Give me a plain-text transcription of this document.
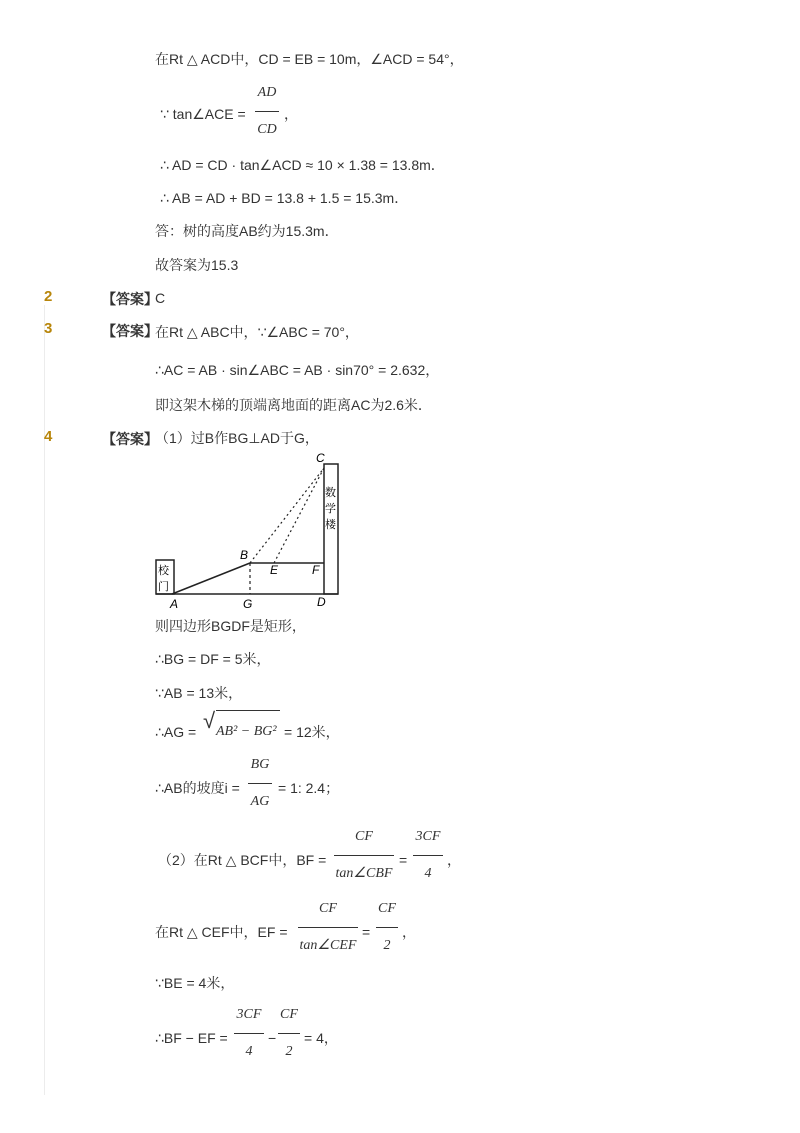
在Rt △ ACD中，CD = EB = 10m，∠ACD = 54°，
∵ tan∠ACE =
AD
CD
，
∴ AD = CD · tan∠ACD ≈ 10 × 1.38 = 13.8m．
∴ AB = AD + BD = 13.8 + 1.5 = 15.3m．
答：树的高度AB约为15.3m．
故答案为15.3
2	【答案】
C
3	【答案】
在Rt △ ABC中，∵∠ABC = 70°，
∴AC = AB · sin∠ABC = AB · sin70° = 2.632，
即这架木梯的顶端离地面的距离AC为2.6米．
4	【答案】
（1）过B作BG⊥AD于G，
校
门
数
学
楼
C
B
E	F
A	G	D
则四边形BGDF是矩形，
∴BG = DF = 5米，
∵AB = 13米，
∴AG = √ AB² − BG² = 12米，
∴AB的坡度i =
BG
AG
= 1: 2.4；
（2）在Rt △ BCF中，BF =
CF
tan∠CBF
=
3CF
4
，
在Rt △ CEF中，EF =
CF
tan∠CEF
=
CF
2
，
∵BE = 4米，
∴BF − EF =
3CF
4
−
CF
2
= 4，
